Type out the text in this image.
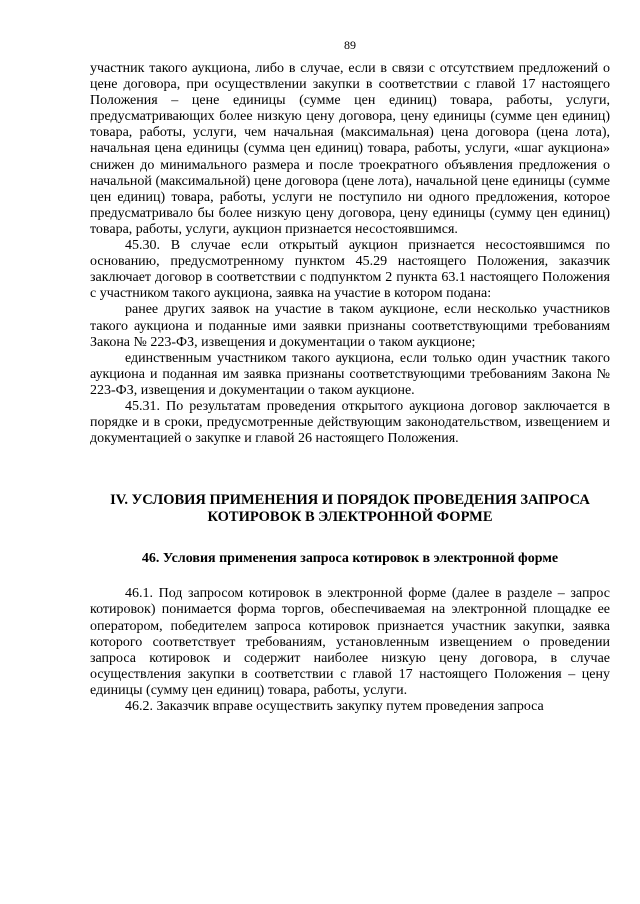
89

участник такого аукциона, либо в случае, если в связи с отсутствием предложений о цене договора, при осуществлении закупки в соответствии с главой 17 настоящего Положения – цене единицы (сумме цен единиц) товара, работы, услуги, предусматривающих более низкую цену договора, цену единицы (сумме цен единиц) товара, работы, услуги, чем начальная (максимальная) цена договора (цена лота), начальная цена единицы (сумма цен единиц) товара, работы, услуги, «шаг аукциона» снижен до минимального размера и после троекратного объявления предложения о начальной (максимальной) цене договора (цене лота), начальной цене единицы (сумме цен единиц) товара, работы, услуги не поступило ни одного предложения, которое предусматривало бы более низкую цену договора, цену единицы (сумму цен единиц) товара, работы, услуги, аукцион признается несостоявшимся.

45.30. В случае если открытый аукцион признается несостоявшимся по основанию, предусмотренному пунктом 45.29 настоящего Положения, заказчик заключает договор в соответствии с подпунктом 2 пункта 63.1 настоящего Положения с участником такого аукциона, заявка на участие в котором подана:

ранее других заявок на участие в таком аукционе, если несколько участников такого аукциона и поданные ими заявки признаны соответствующими требованиям Закона № 223-ФЗ, извещения и документации о таком аукционе;

единственным участником такого аукциона, если только один участник такого аукциона и поданная им заявка признаны соответствующими требованиям Закона № 223-ФЗ, извещения и документации о таком аукционе.

45.31. По результатам проведения открытого аукциона договор заключается в порядке и в сроки, предусмотренные действующим законодательством, извещением и документацией о закупке и главой 26 настоящего Положения.

IV. УСЛОВИЯ ПРИМЕНЕНИЯ И ПОРЯДОК ПРОВЕДЕНИЯ ЗАПРОСА КОТИРОВОК В ЭЛЕКТРОННОЙ ФОРМЕ
46. Условия применения запроса котировок в электронной форме

46.1. Под запросом котировок в электронной форме (далее в разделе – запрос котировок) понимается форма торгов, обеспечиваемая на электронной площадке ее оператором, победителем запроса котировок признается участник закупки, заявка которого соответствует требованиям, установленным извещением о проведении запроса котировок и содержит наиболее низкую цену договора, в случае осуществления закупки в соответствии с главой 17 настоящего Положения – цену единицы (сумму цен единиц) товара, работы, услуги.

46.2. Заказчик вправе осуществить закупку путем проведения запроса
